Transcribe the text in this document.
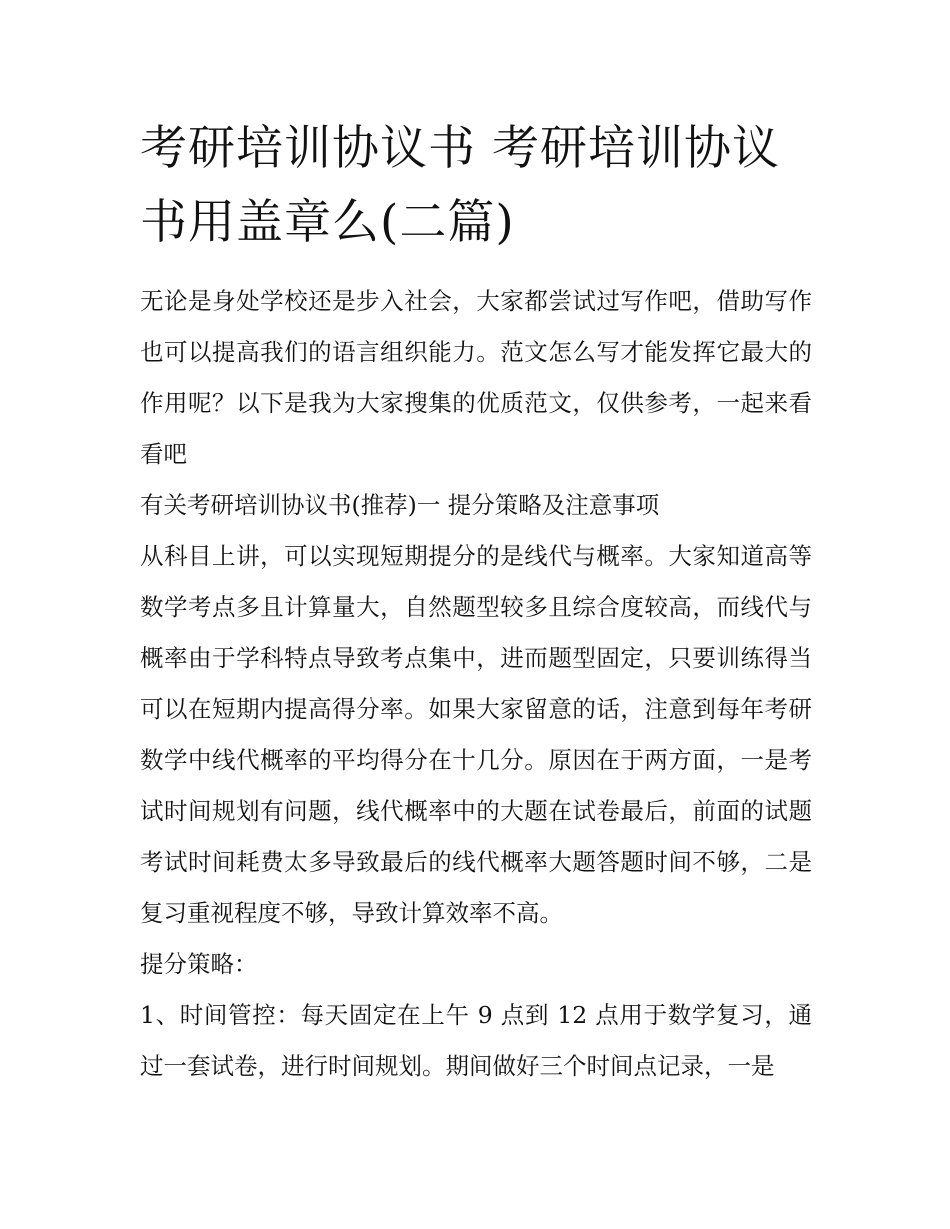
考研培训协议书 考研培训协议书用盖章么(二篇)

无论是身处学校还是步入社会，大家都尝试过写作吧，借助写作也可以提高我们的语言组织能力。范文怎么写才能发挥它最大的作用呢？以下是我为大家搜集的优质范文，仅供参考，一起来看看吧

有关考研培训协议书(推荐)一 提分策略及注意事项

从科目上讲，可以实现短期提分的是线代与概率。大家知道高等数学考点多且计算量大，自然题型较多且综合度较高，而线代与概率由于学科特点导致考点集中，进而题型固定，只要训练得当可以在短期内提高得分率。如果大家留意的话，注意到每年考研数学中线代概率的平均得分在十几分。原因在于两方面，一是考试时间规划有问题，线代概率中的大题在试卷最后，前面的试题考试时间耗费太多导致最后的线代概率大题答题时间不够，二是复习重视程度不够，导致计算效率不高。

提分策略：

1、时间管控：每天固定在上午 9 点到 12 点用于数学复习，通过一套试卷，进行时间规划。期间做好三个时间点记录，一是
